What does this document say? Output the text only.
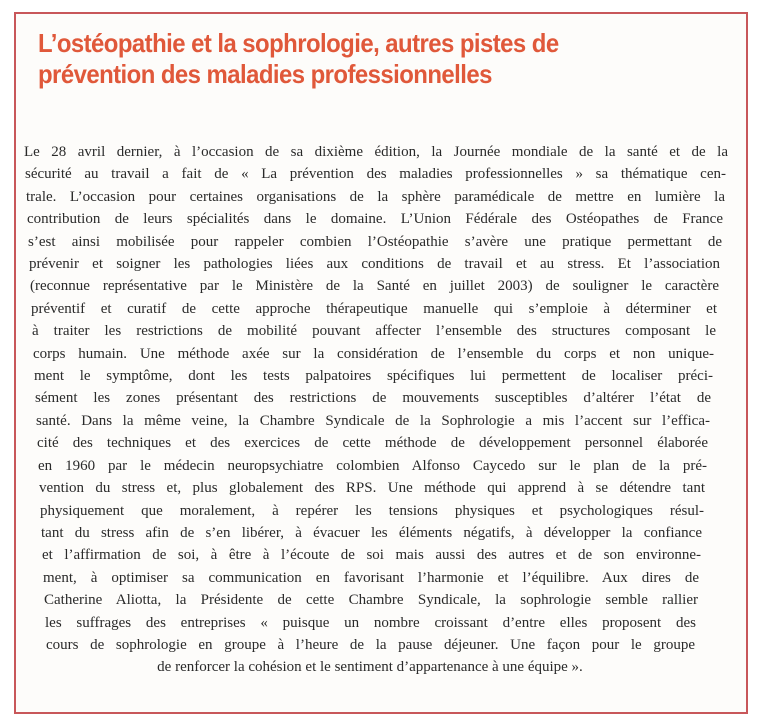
L’ostéopathie et la sophrologie, autres pistes de
prévention des maladies professionnelles
Le 28 avril dernier, à l’occasion de sa dixième édition, la Journée mondiale de la santé et de la
sécurité au travail a fait de « La prévention des maladies professionnelles » sa thématique cen-
trale. L’occasion pour certaines organisations de la sphère paramédicale de mettre en lumière la
contribution de leurs spécialités dans le domaine. L’Union Fédérale des Ostéopathes de France
s’est ainsi mobilisée pour rappeler combien l’Ostéopathie s’avère une pratique permettant de
prévenir et soigner les pathologies liées aux conditions de travail et au stress. Et l’association
(reconnue représentative par le Ministère de la Santé en juillet 2003) de souligner le caractère
préventif et curatif de cette approche thérapeutique manuelle qui s’emploie à déterminer et
à traiter les restrictions de mobilité pouvant affecter l’ensemble des structures composant le
corps humain. Une méthode axée sur la considération de l’ensemble du corps et non unique-
ment le symptôme, dont les tests palpatoires spécifiques lui permettent de localiser préci-
sément les zones présentant des restrictions de mouvements susceptibles d’altérer l’état de
santé. Dans la même veine, la Chambre Syndicale de la Sophrologie a mis l’accent sur l’effica-
cité des techniques et des exercices de cette méthode de développement personnel élaborée
en 1960 par le médecin neuropsychiatre colombien Alfonso Caycedo sur le plan de la pré-
vention du stress et, plus globalement des RPS. Une méthode qui apprend à se détendre tant
physiquement que moralement, à repérer les tensions physiques et psychologiques résul-
tant du stress afin de s’en libérer, à évacuer les éléments négatifs, à développer la confiance
et l’affirmation de soi, à être à l’écoute de soi mais aussi des autres et de son environne-
ment, à optimiser sa communication en favorisant l’harmonie et l’équilibre. Aux dires de
Catherine Aliotta, la Présidente de cette Chambre Syndicale, la sophrologie semble rallier
les suffrages des entreprises « puisque un nombre croissant d’entre elles proposent des
cours de sophrologie en groupe à l’heure de la pause déjeuner. Une façon pour le groupe
de renforcer la cohésion et le sentiment d’appartenance à une équipe ».
